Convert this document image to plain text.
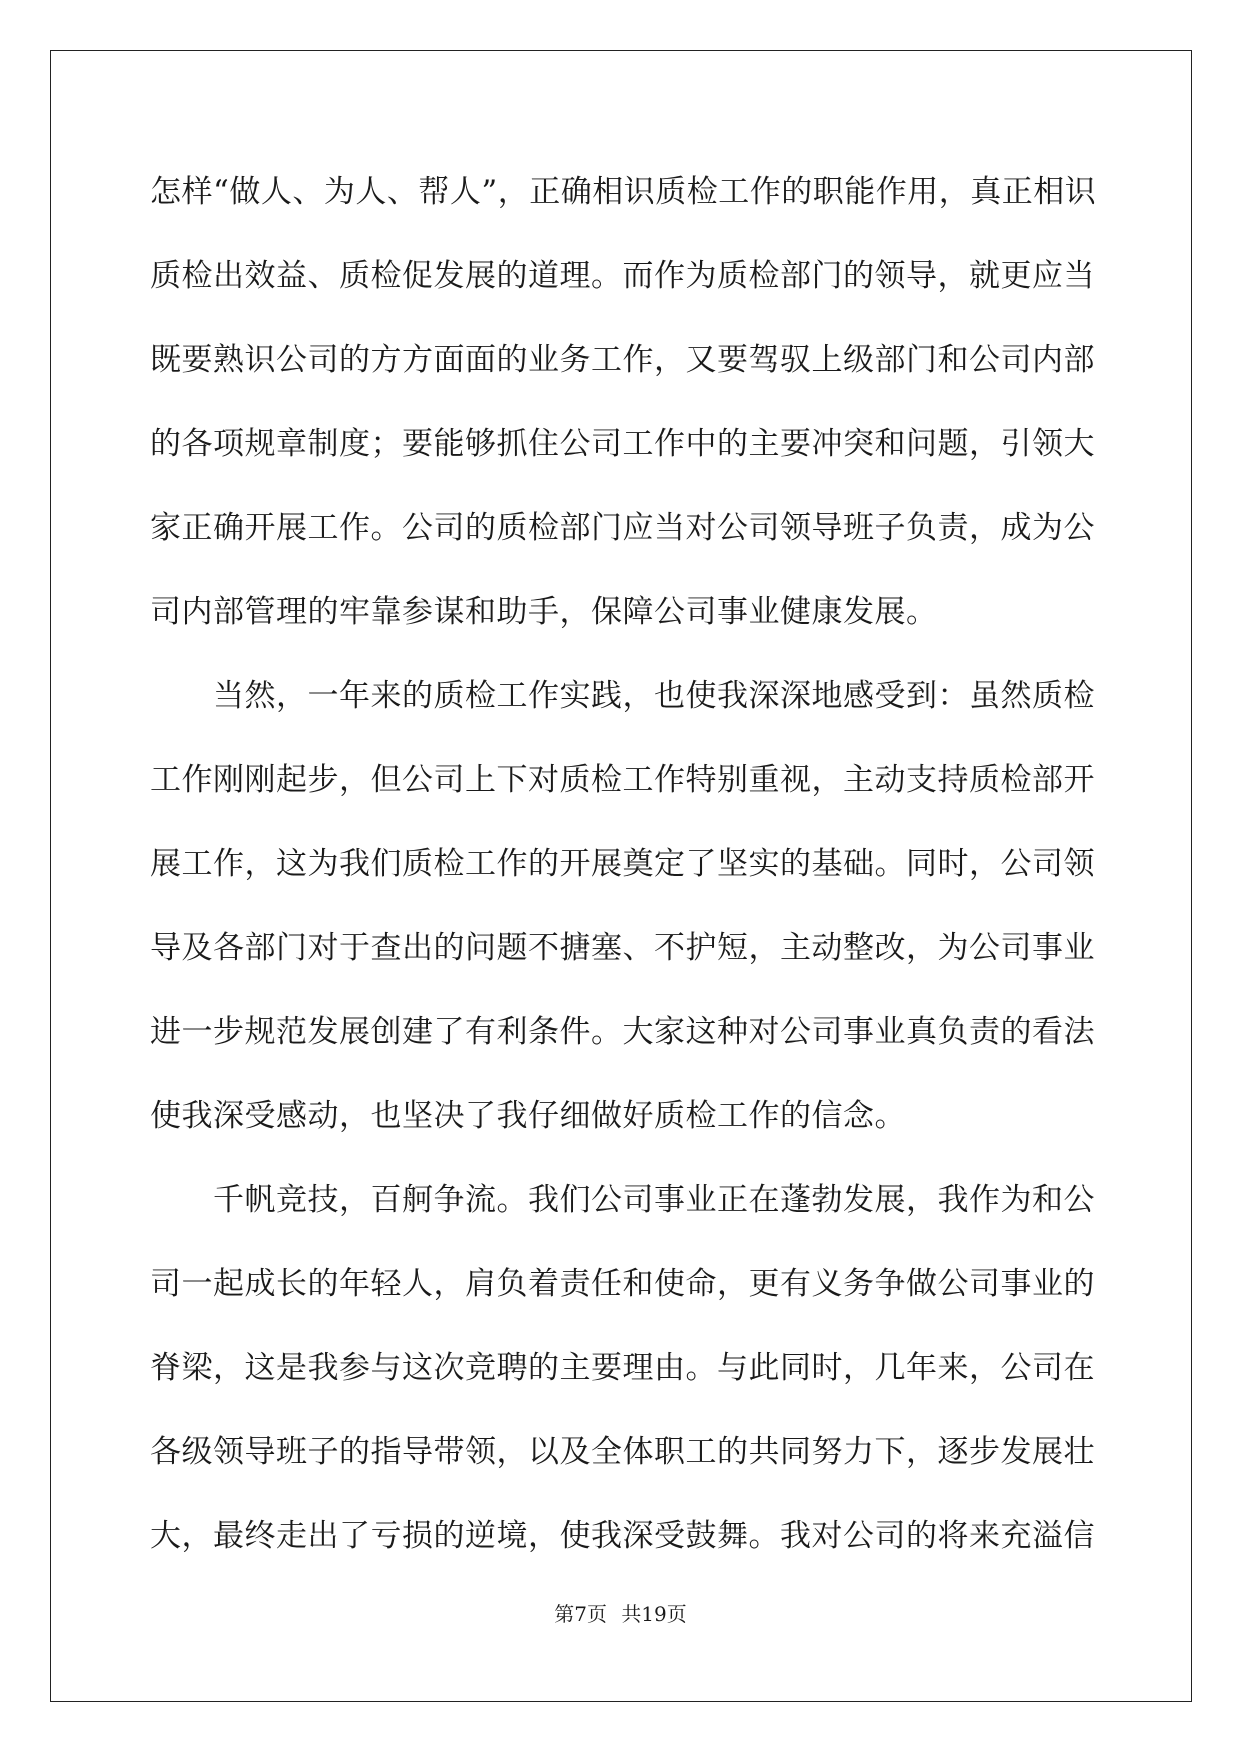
怎样“做人、为人、帮人”，正确相识质检工作的职能作用，真正相识
质检出效益、质检促发展的道理。而作为质检部门的领导，就更应当
既要熟识公司的方方面面的业务工作，又要驾驭上级部门和公司内部
的各项规章制度；要能够抓住公司工作中的主要冲突和问题，引领大
家正确开展工作。公司的质检部门应当对公司领导班子负责，成为公
司内部管理的牢靠参谋和助手，保障公司事业健康发展。
　　当然，一年来的质检工作实践，也使我深深地感受到：虽然质检
工作刚刚起步，但公司上下对质检工作特别重视，主动支持质检部开
展工作，这为我们质检工作的开展奠定了坚实的基础。同时，公司领
导及各部门对于查出的问题不搪塞、不护短，主动整改，为公司事业
进一步规范发展创建了有利条件。大家这种对公司事业真负责的看法
使我深受感动，也坚决了我仔细做好质检工作的信念。
　　千帆竞技，百舸争流。我们公司事业正在蓬勃发展，我作为和公
司一起成长的年轻人，肩负着责任和使命，更有义务争做公司事业的
脊梁，这是我参与这次竞聘的主要理由。与此同时，几年来，公司在
各级领导班子的指导带领，以及全体职工的共同努力下，逐步发展壮
大，最终走出了亏损的逆境，使我深受鼓舞。我对公司的将来充溢信
第7页 共19页
